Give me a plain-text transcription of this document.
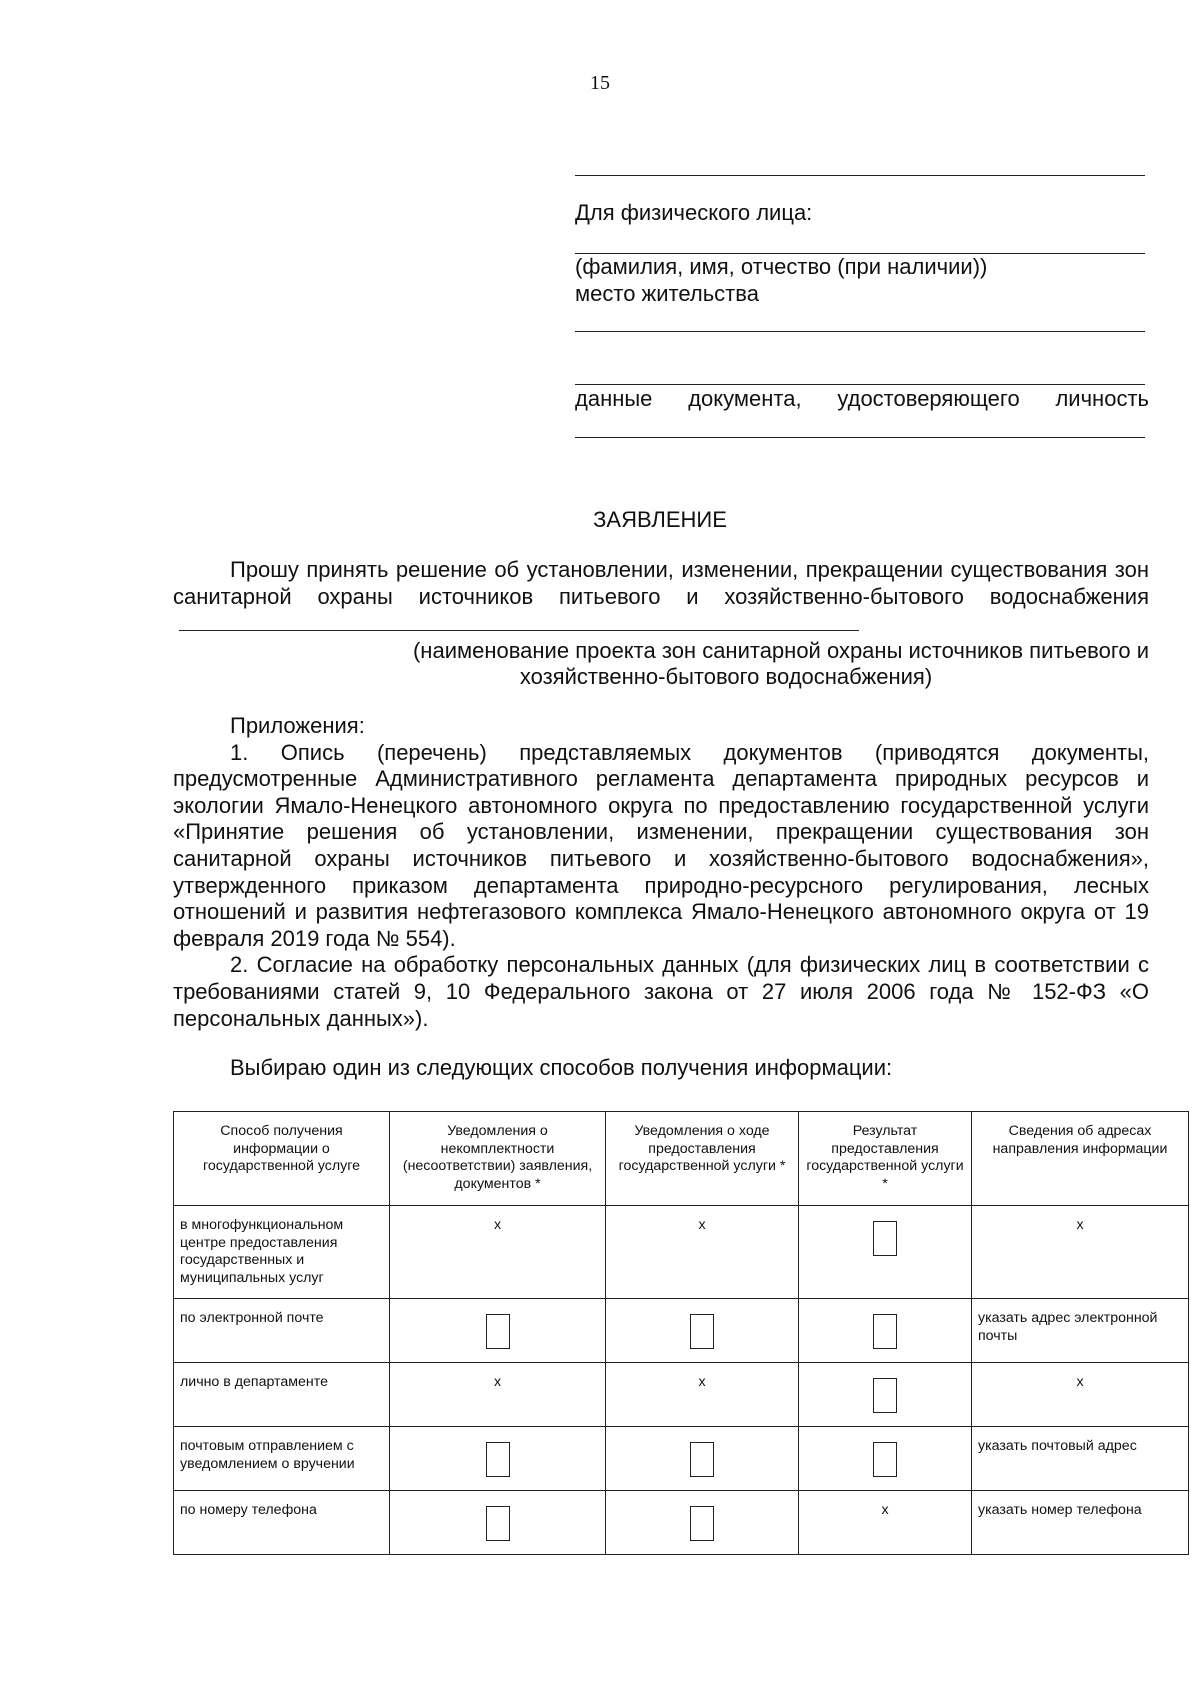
15
Для физического лица:
(фамилия, имя, отчество (при наличии))
место жительства
данные документа, удостоверяющего личность
ЗАЯВЛЕНИЕ
Прошу принять решение об установлении, изменении, прекращении существования зон санитарной охраны источников питьевого и хозяйственно-бытового водоснабжения
(наименование проекта зон санитарной охраны источников питьевого и
хозяйственно-бытового водоснабжения)
Приложения:
1. Опись (перечень) представляемых документов (приводятся документы, предусмотренные Административного регламента департамента природных ресурсов и экологии Ямало-Ненецкого автономного округа по предоставлению государственной услуги «Принятие решения об установлении, изменении, прекращении существования зон санитарной охраны источников питьевого и хозяйственно-бытового водоснабжения», утвержденного приказом департамента природно-ресурсного регулирования, лесных отношений и развития нефтегазового комплекса Ямало-Ненецкого автономного округа от 19 февраля 2019 года № 554).
2. Согласие на обработку персональных данных (для физических лиц в соответствии с требованиями статей 9, 10 Федерального закона от 27 июля 2006 года № 152-ФЗ «О персональных данных»).
Выбираю один из следующих способов получения информации:
Способ получения информации о государственной услуге	Уведомления о некомплектности (несоответствии) заявления, документов *	Уведомления о ходе предоставления государственной услуги *	Результат предоставления государственной услуги *	Сведения об адресах направления информации
в многофункциональном центре предоставления государственных и муниципальных услуг	х	х		х
по электронной почте				указать адрес электронной почты
лично в департаменте	х	х		х
почтовым отправлением с уведомлением о вручении				указать почтовый адрес
по номеру телефона			х	указать номер телефона
